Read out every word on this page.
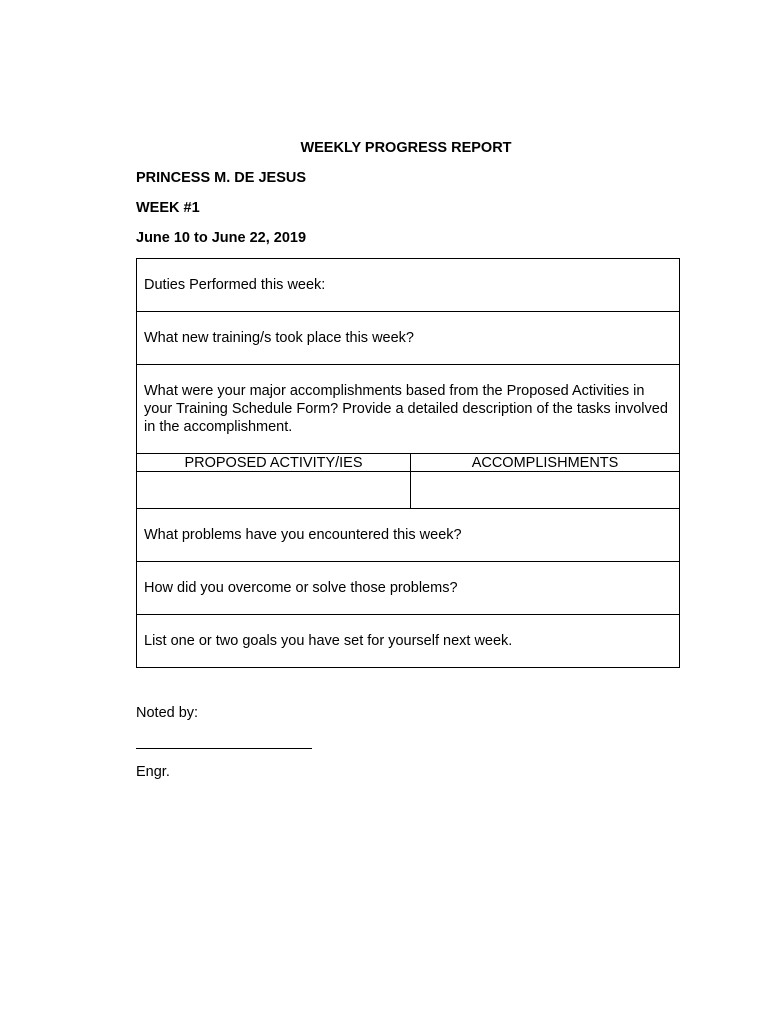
WEEKLY PROGRESS REPORT
PRINCESS M. DE JESUS
WEEK #1
June 10 to June 22, 2019
Duties Performed this week:	
What new training/s took place this week?	
What were your major accomplishments based from the Proposed Activities in your Training Schedule Form? Provide a detailed description of the tasks involved in the accomplishment.	
PROPOSED ACTIVITY/IES	ACCOMPLISHMENTS

What problems have you encountered this week?	
How did you overcome or solve those problems?	
List one or two goals you have set for yourself next week.	
Noted by:
Engr.
